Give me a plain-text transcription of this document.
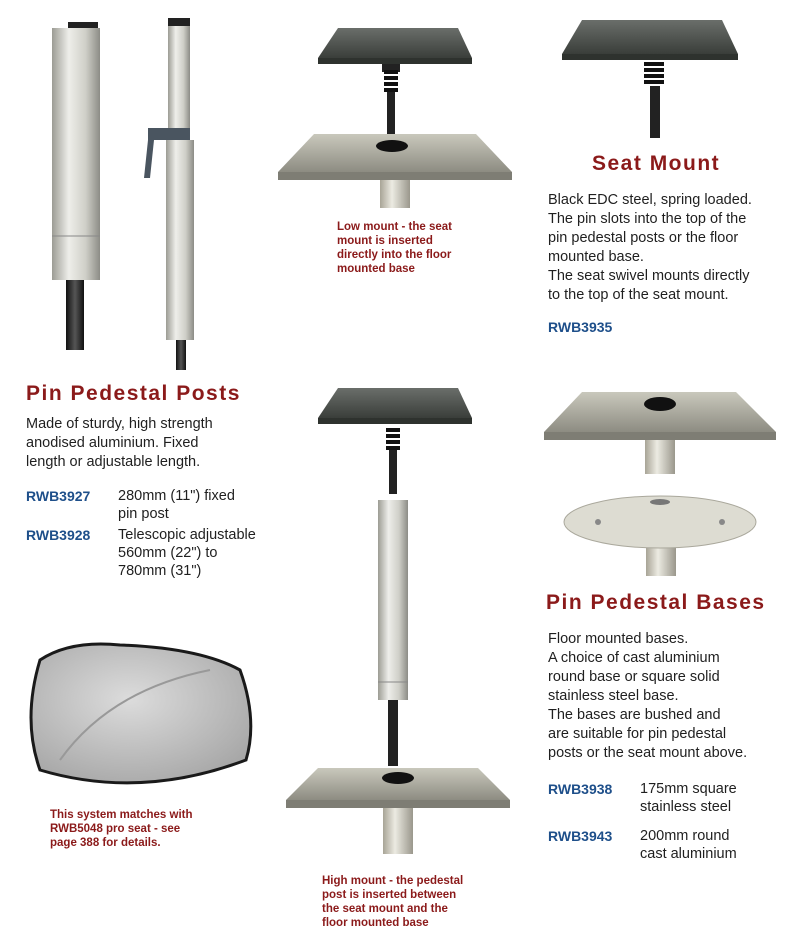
Pin Pedestal Posts
Made of sturdy, high strength
anodised aluminium. Fixed
length or adjustable length.
RWB3927 280mm (11") fixed
pin post
RWB3928 Telescopic adjustable
560mm (22") to
780mm (31")
Seat Mount
Black EDC steel, spring loaded.
The pin slots into the top of the
pin pedestal posts or the floor
mounted base.
The seat swivel mounts directly
to the top of the seat mount.
RWB3935
Pin Pedestal Bases
Floor mounted bases.
A choice of cast aluminium
round base or square solid
stainless steel base.
The bases are bushed and
are suitable for pin pedestal
posts or the seat mount above.
RWB3938 175mm square
stainless steel
RWB3943 200mm round
cast aluminium
Low mount - the seat
mount is inserted
directly into the floor
mounted base
This system matches with
RWB5048 pro seat - see
page 388 for details.
High mount - the pedestal
post is inserted between
the seat mount and the
floor mounted base
